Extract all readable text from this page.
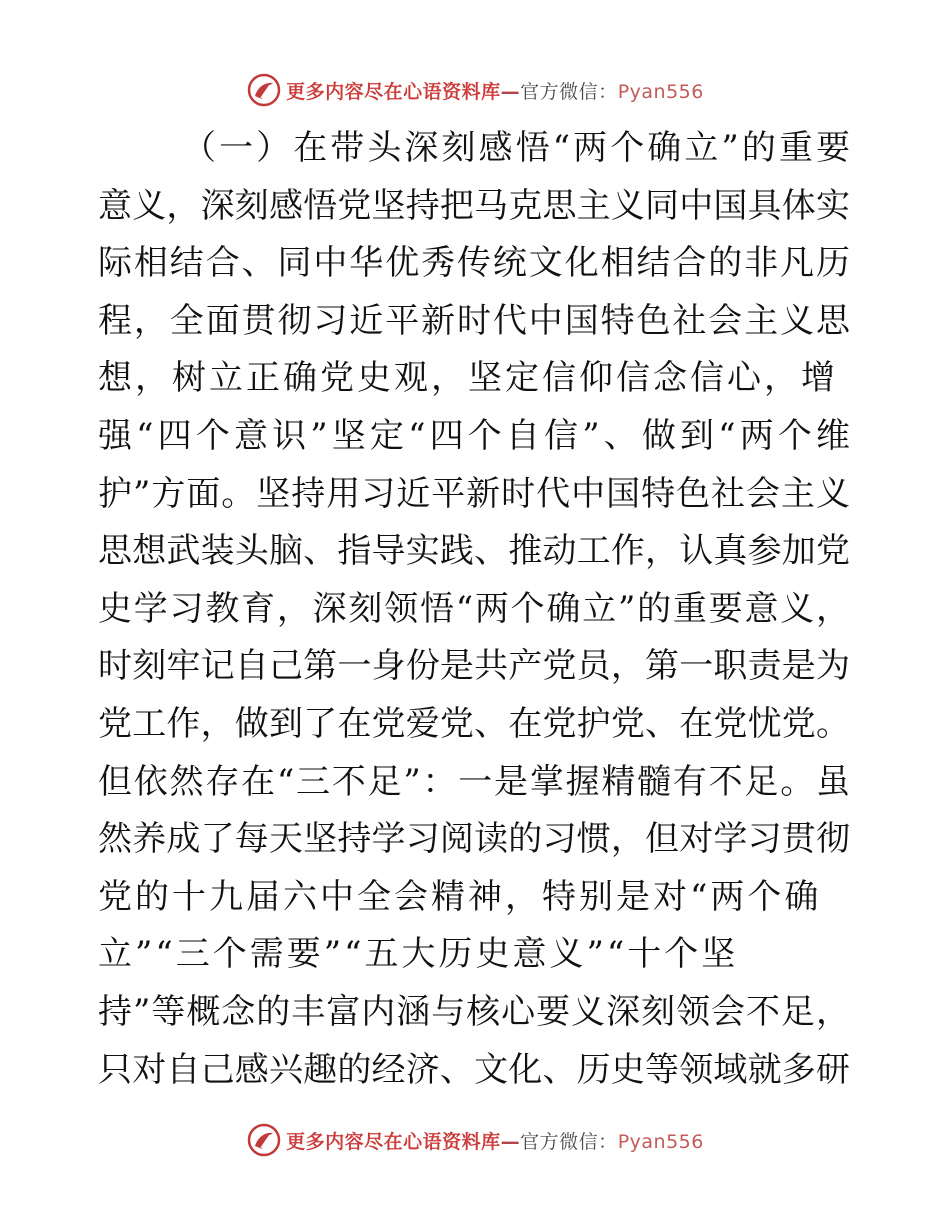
更多内容尽在心语资料库—官方微信：Pyan556
（一）在带头深刻感悟“两个确立”的重要
意义，深刻感悟党坚持把马克思主义同中国具体实
际相结合、同中华优秀传统文化相结合的非凡历
程，全面贯彻习近平新时代中国特色社会主义思
想，树立正确党史观，坚定信仰信念信心，增
强“四个意识”坚定“四个自信”、做到“两个维
护”方面。坚持用习近平新时代中国特色社会主义
思想武装头脑、指导实践、推动工作，认真参加党
史学习教育，深刻领悟“两个确立”的重要意义，
时刻牢记自己第一身份是共产党员，第一职责是为
党工作，做到了在党爱党、在党护党、在党忧党。
但依然存在“三不足”：一是掌握精髓有不足。虽
然养成了每天坚持学习阅读的习惯，但对学习贯彻
党的十九届六中全会精神，特别是对“两个确
立”“三个需要”“五大历史意义”“十个坚
持”等概念的丰富内涵与核心要义深刻领会不足，
只对自己感兴趣的经济、文化、历史等领域就多研
更多内容尽在心语资料库—官方微信：Pyan556
